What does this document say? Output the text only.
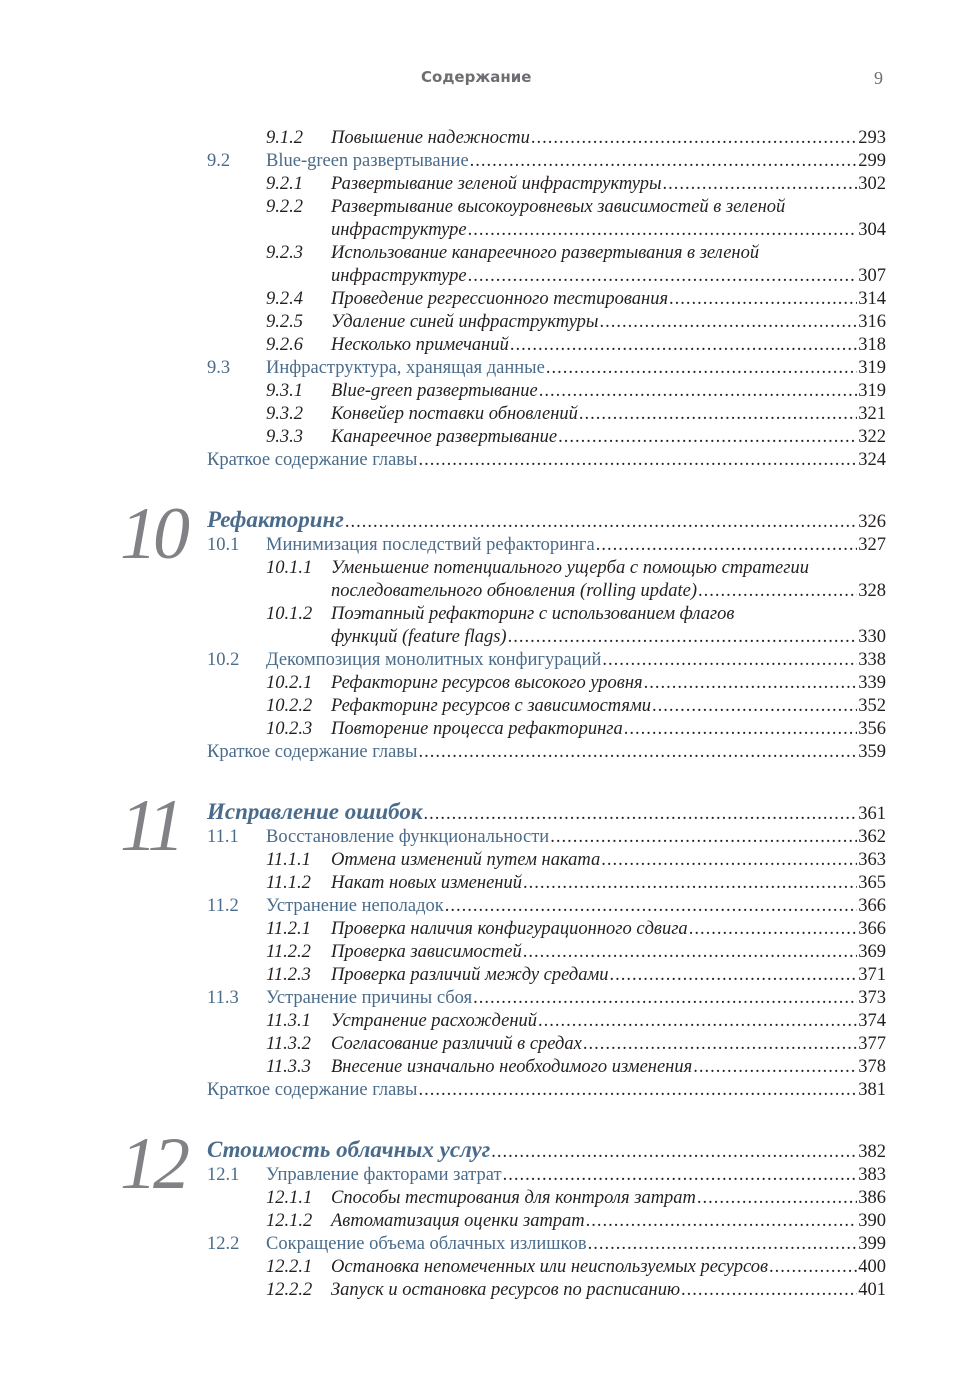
Содержание	9
9.1.2	Повышение надежности .....	293
9.2	Blue-green развертывание .....	299
9.2.1	Развертывание зеленой инфраструктуры .....	302
9.2.2	Развертывание высокоуровневых зависимостей в зеленой
инфраструктуре .....	304
9.2.3	Использование канареечного развертывания в зеленой
инфраструктуре .....	307
9.2.4	Проведение регрессионного тестирования .....	314
9.2.5	Удаление синей инфраструктуры .....	316
9.2.6	Несколько примечаний .....	318
9.3	Инфраструктура, хранящая данные .....	319
9.3.1	Blue-green развертывание .....	319
9.3.2	Конвейер поставки обновлений .....	321
9.3.3	Канареечное развертывание .....	322
Краткое содержание главы .....	324
10 Рефакторинг .....	326
10.1	Минимизация последствий рефакторинга .....	327
10.1.1	Уменьшение потенциального ущерба с помощью стратегии
последовательного обновления (rolling update) .....	328
10.1.2	Поэтапный рефакторинг с использованием флагов
функций (feature flags) .....	330
10.2	Декомпозиция монолитных конфигураций .....	338
10.2.1	Рефакторинг ресурсов высокого уровня .....	339
10.2.2	Рефакторинг ресурсов с зависимостями .....	352
10.2.3	Повторение процесса рефакторинга .....	356
Краткое содержание главы .....	359
11 Исправление ошибок .....	361
11.1	Восстановление функциональности .....	362
11.1.1	Отмена изменений путем наката .....	363
11.1.2	Накат новых изменений .....	365
11.2	Устранение неполадок .....	366
11.2.1	Проверка наличия конфигурационного сдвига .....	366
11.2.2	Проверка зависимостей .....	369
11.2.3	Проверка различий между средами .....	371
11.3	Устранение причины сбоя .....	373
11.3.1	Устранение расхождений .....	374
11.3.2	Согласование различий в средах .....	377
11.3.3	Внесение изначально необходимого изменения .....	378
Краткое содержание главы .....	381
12 Стоимость облачных услуг .....	382
12.1	Управление факторами затрат .....	383
12.1.1	Способы тестирования для контроля затрат .....	386
12.1.2	Автоматизация оценки затрат .....	390
12.2	Сокращение объема облачных излишков .....	399
12.2.1	Остановка непомеченных или неиспользуемых ресурсов .....	400
12.2.2	Запуск и остановка ресурсов по расписанию .....	401
